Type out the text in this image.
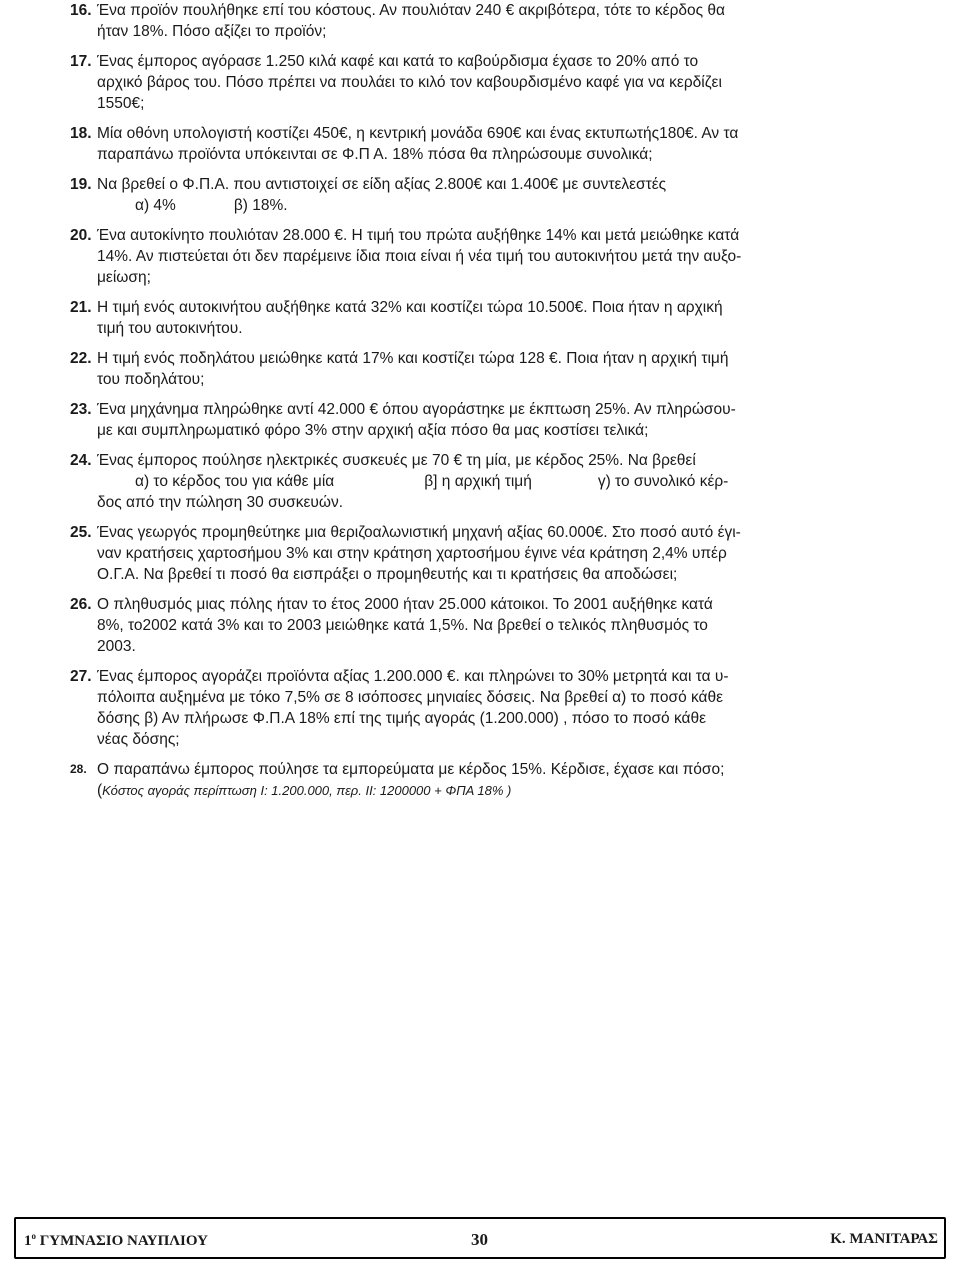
16. Ένα προϊόν πουλήθηκε επί του κόστους. Αν πουλιόταν 240 € ακριβότερα, τότε το κέρδος θα
ήταν 18%. Πόσο αξίζει το προϊόν;
17. Ένας έμπορος αγόρασε 1.250 κιλά καφέ και κατά το καβούρδισμα έχασε το 20% από το
αρχικό βάρος του. Πόσο πρέπει να πουλάει το κιλό τον καβουρδισμένο καφέ για να κερδίζει
1550€;
18. Μία οθόνη υπολογιστή κοστίζει 450€, η κεντρική μονάδα 690€ και ένας εκτυπωτής180€. Αν τα
παραπάνω προϊόντα υπόκεινται σε Φ.Π Α. 18% πόσα θα πληρώσουμε συνολικά;
19. Να βρεθεί ο Φ.Π.Α. που αντιστοιχεί σε είδη αξίας 2.800€ και 1.400€ με συντελεστές
α) 4%	β) 18%.
20. Ένα αυτοκίνητο πουλιόταν 28.000 €. Η τιμή του πρώτα αυξήθηκε 14% και μετά μειώθηκε κατά
14%. Αν πιστεύεται ότι δεν παρέμεινε ίδια ποια είναι ή νέα τιμή του αυτοκινήτου μετά την αυξο-
μείωση;
21. Η τιμή ενός αυτοκινήτου αυξήθηκε κατά 32% και κοστίζει τώρα 10.500€. Ποια ήταν η αρχική
τιμή του αυτοκινήτου.
22. Η τιμή ενός ποδηλάτου μειώθηκε κατά 17% και κοστίζει τώρα 128 €. Ποια ήταν η αρχική τιμή
του ποδηλάτου;
23. Ένα μηχάνημα πληρώθηκε αντί 42.000 € όπου αγοράστηκε με έκπτωση 25%. Αν πληρώσου-
με και συμπληρωματικό φόρο 3% στην αρχική αξία πόσο θα μας κοστίσει τελικά;
24. Ένας έμπορος πούλησε ηλεκτρικές συσκευές με 70 € τη μία, με κέρδος 25%. Να βρεθεί
α) το κέρδος του για κάθε μία	β] η αρχική τιμή	γ) το συνολικό κέρ-
δος από την πώληση 30 συσκευών.
25. Ένας γεωργός προμηθεύτηκε μια θεριζοαλωνιστική μηχανή αξίας 60.000€. Στο ποσό αυτό έγι-
ναν κρατήσεις χαρτοσήμου 3% και στην κράτηση χαρτοσήμου έγινε νέα κράτηση 2,4% υπέρ
Ο.Γ.Α. Να βρεθεί τι ποσό θα εισπράξει ο προμηθευτής και τι κρατήσεις θα αποδώσει;
26. Ο πληθυσμός μιας πόλης ήταν το έτος 2000 ήταν 25.000 κάτοικοι. Το 2001 αυξήθηκε κατά
8%, το2002 κατά 3% και το 2003 μειώθηκε κατά 1,5%. Να βρεθεί ο τελικός πληθυσμός το
2003.
27. Ένας έμπορος αγοράζει προϊόντα αξίας 1.200.000 €. και πληρώνει το 30% μετρητά και τα υ-
πόλοιπα αυξημένα με τόκο 7,5% σε 8 ισόποσες μηνιαίες δόσεις. Να βρεθεί α) το ποσό κάθε
δόσης β) Αν πλήρωσε Φ.Π.Α 18% επί της τιμής αγοράς (1.200.000) , πόσο το ποσό κάθε
νέας δόσης;
28. Ο παραπάνω έμπορος πούλησε τα εμπορεύματα με κέρδος 15%. Κέρδισε, έχασε και πόσο;
(Κόστος αγοράς περίπτωση Ι: 1.200.000, περ. ΙΙ: 1200000 + ΦΠΑ 18% )
$1^o$ ΓΥΜΝΑΣΙΟ ΝΑΥΠΛΙΟΥ	30	Κ. ΜΑΝΙΤΑΡΑΣ
